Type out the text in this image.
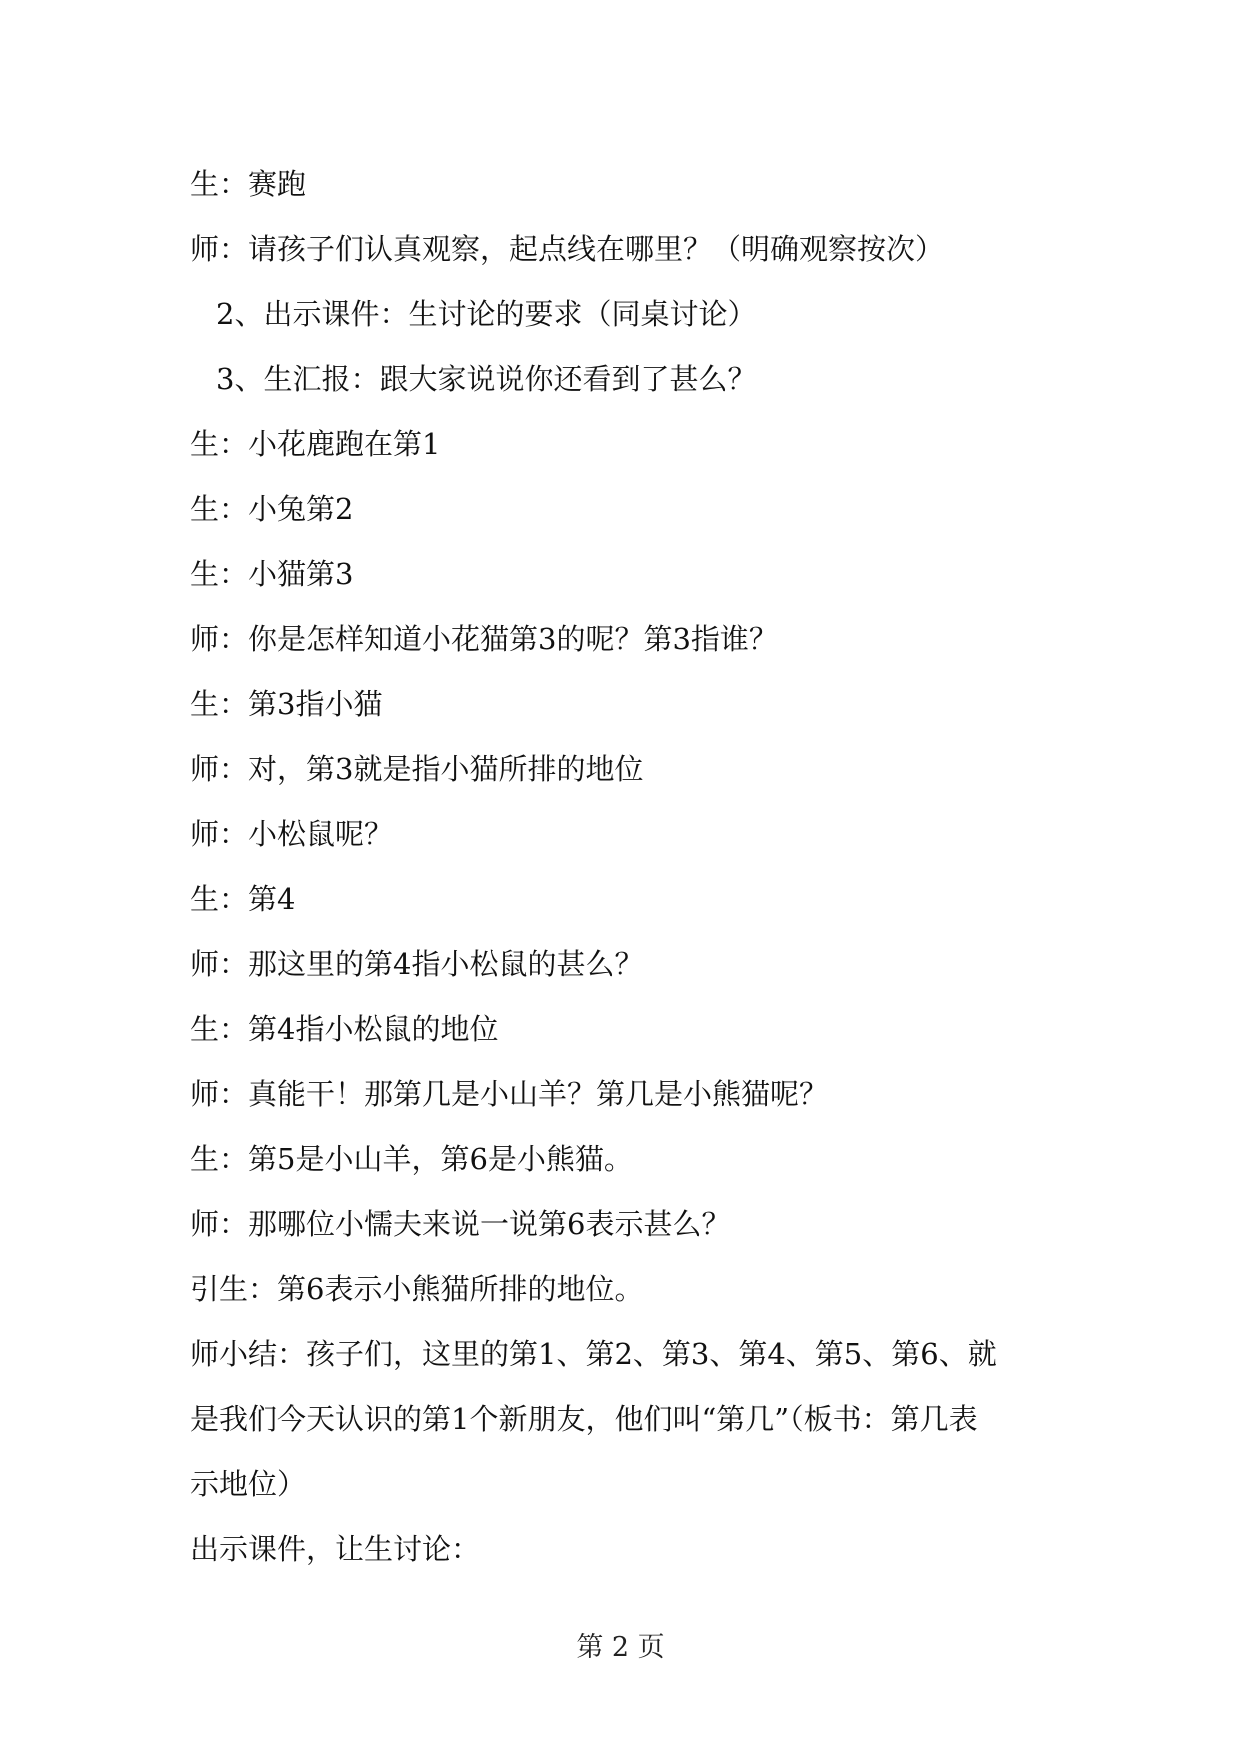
生：赛跑
师：请孩子们认真观察，起点线在哪里？（明确观察按次）
2、出示课件：生讨论的要求（同桌讨论）
3、生汇报：跟大家说说你还看到了甚么？
生：小花鹿跑在第1
生：小兔第2
生：小猫第3
师：你是怎样知道小花猫第3的呢？第3指谁？
生：第3指小猫
师：对，第3就是指小猫所排的地位
师：小松鼠呢？
生：第4
师：那这里的第4指小松鼠的甚么？
生：第4指小松鼠的地位
师：真能干！那第几是小山羊？第几是小熊猫呢？
生：第5是小山羊，第6是小熊猫。
师：那哪位小懦夫来说一说第6表示甚么？
引生：第6表示小熊猫所排的地位。
师小结：孩子们，这里的第1、第2、第3、第4、第5、第6、就
是我们今天认识的第1个新朋友，他们叫“第几”（板书：第几表
示地位）
出示课件，让生讨论：
第 2 页
